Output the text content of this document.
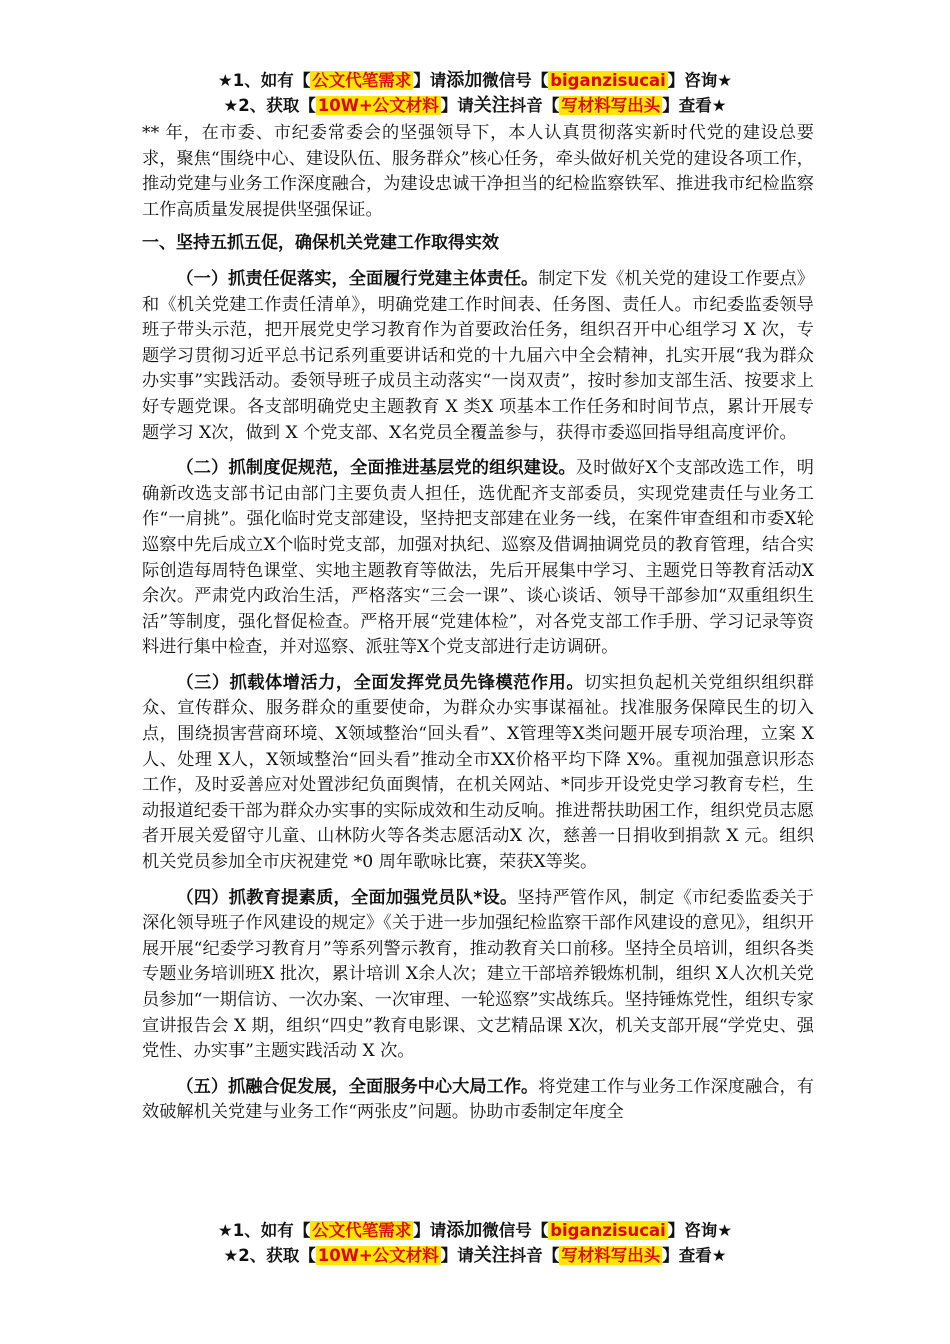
★1、如有【 公文代笔需求 】请添加微信号【 biganzisucai 】咨询★
★2、获取【 10W+公文材料 】请关注抖音【 写材料写出头 】查看★

** 年，在市委、市纪委常委会的坚强领导下，本人认真贯彻落实新时代党的建设总要求，聚焦“围绕中心、建设队伍、服务群众”核心任务，牵头做好机关党的建设各项工作，推动党建与业务工作深度融合，为建设忠诚干净担当的纪检监察铁军、推进我市纪检监察工作高质量发展提供坚强保证。

一、坚持五抓五促，确保机关党建工作取得实效

（一）抓责任促落实，全面履行党建主体责任。制定下发《机关党的建设工作要点》和《机关党建工作责任清单》，明确党建工作时间表、任务图、责任人。市纪委监委领导班子带头示范，把开展党史学习教育作为首要政治任务，组织召开中心组学习 X 次，专题学习贯彻习近平总书记系列重要讲话和党的十九届六中全会精神，扎实开展“我为群众办实事”实践活动。委领导班子成员主动落实“一岗双责”，按时参加支部生活、按要求上好专题党课。各支部明确党史主题教育 X 类X 项基本工作任务和时间节点，累计开展专题学习 X次，做到 X 个党支部、X名党员全覆盖参与，获得市委巡回指导组高度评价。

（二）抓制度促规范，全面推进基层党的组织建设。及时做好X个支部改选工作，明确新改选支部书记由部门主要负责人担任，选优配齐支部委员，实现党建责任与业务工作“一肩挑”。强化临时党支部建设，坚持把支部建在业务一线，在案件审查组和市委X轮巡察中先后成立X个临时党支部，加强对执纪、巡察及借调抽调党员的教育管理，结合实际创造每周特色课堂、实地主题教育等做法，先后开展集中学习、主题党日等教育活动X余次。严肃党内政治生活，严格落实“三会一课”、谈心谈话、领导干部参加“双重组织生活”等制度，强化督促检查。严格开展“党建体检”，对各党支部工作手册、学习记录等资料进行集中检查，并对巡察、派驻等X个党支部进行走访调研。

（三）抓载体增活力，全面发挥党员先锋模范作用。切实担负起机关党组织组织群众、宣传群众、服务群众的重要使命，为群众办实事谋福祉。找准服务保障民生的切入点，围绕损害营商环境、X领域整治“回头看”、X管理等X类问题开展专项治理，立案 X 人、处理 X人，X领域整治“回头看”推动全市XX价格平均下降 X%。重视加强意识形态工作，及时妥善应对处置涉纪负面舆情，在机关网站、*同步开设党史学习教育专栏，生动报道纪委干部为群众办实事的实际成效和生动反响。推进帮扶助困工作，组织党员志愿者开展关爱留守儿童、山林防火等各类志愿活动X 次，慈善一日捐收到捐款 X 元。组织机关党员参加全市庆祝建党 *0 周年歌咏比赛，荣获X等奖。

（四）抓教育提素质，全面加强党员队*设。坚持严管作风，制定《市纪委监委关于深化领导班子作风建设的规定》《关于进一步加强纪检监察干部作风建设的意见》，组织开展开展“纪委学习教育月”等系列警示教育，推动教育关口前移。坚持全员培训，组织各类专题业务培训班X 批次，累计培训 X余人次；建立干部培养锻炼机制，组织 X人次机关党员参加“一期信访、一次办案、一次审理、一轮巡察”实战练兵。坚持锤炼党性，组织专家宣讲报告会 X 期，组织“四史”教育电影课、文艺精品课 X次，机关支部开展“学党史、强党性、办实事”主题实践活动 X 次。

（五）抓融合促发展，全面服务中心大局工作。将党建工作与业务工作深度融合，有效破解机关党建与业务工作“两张皮”问题。协助市委制定年度全

★1、如有【 公文代笔需求 】请添加微信号【 biganzisucai 】咨询★
★2、获取【 10W+公文材料 】请关注抖音【 写材料写出头 】查看★
